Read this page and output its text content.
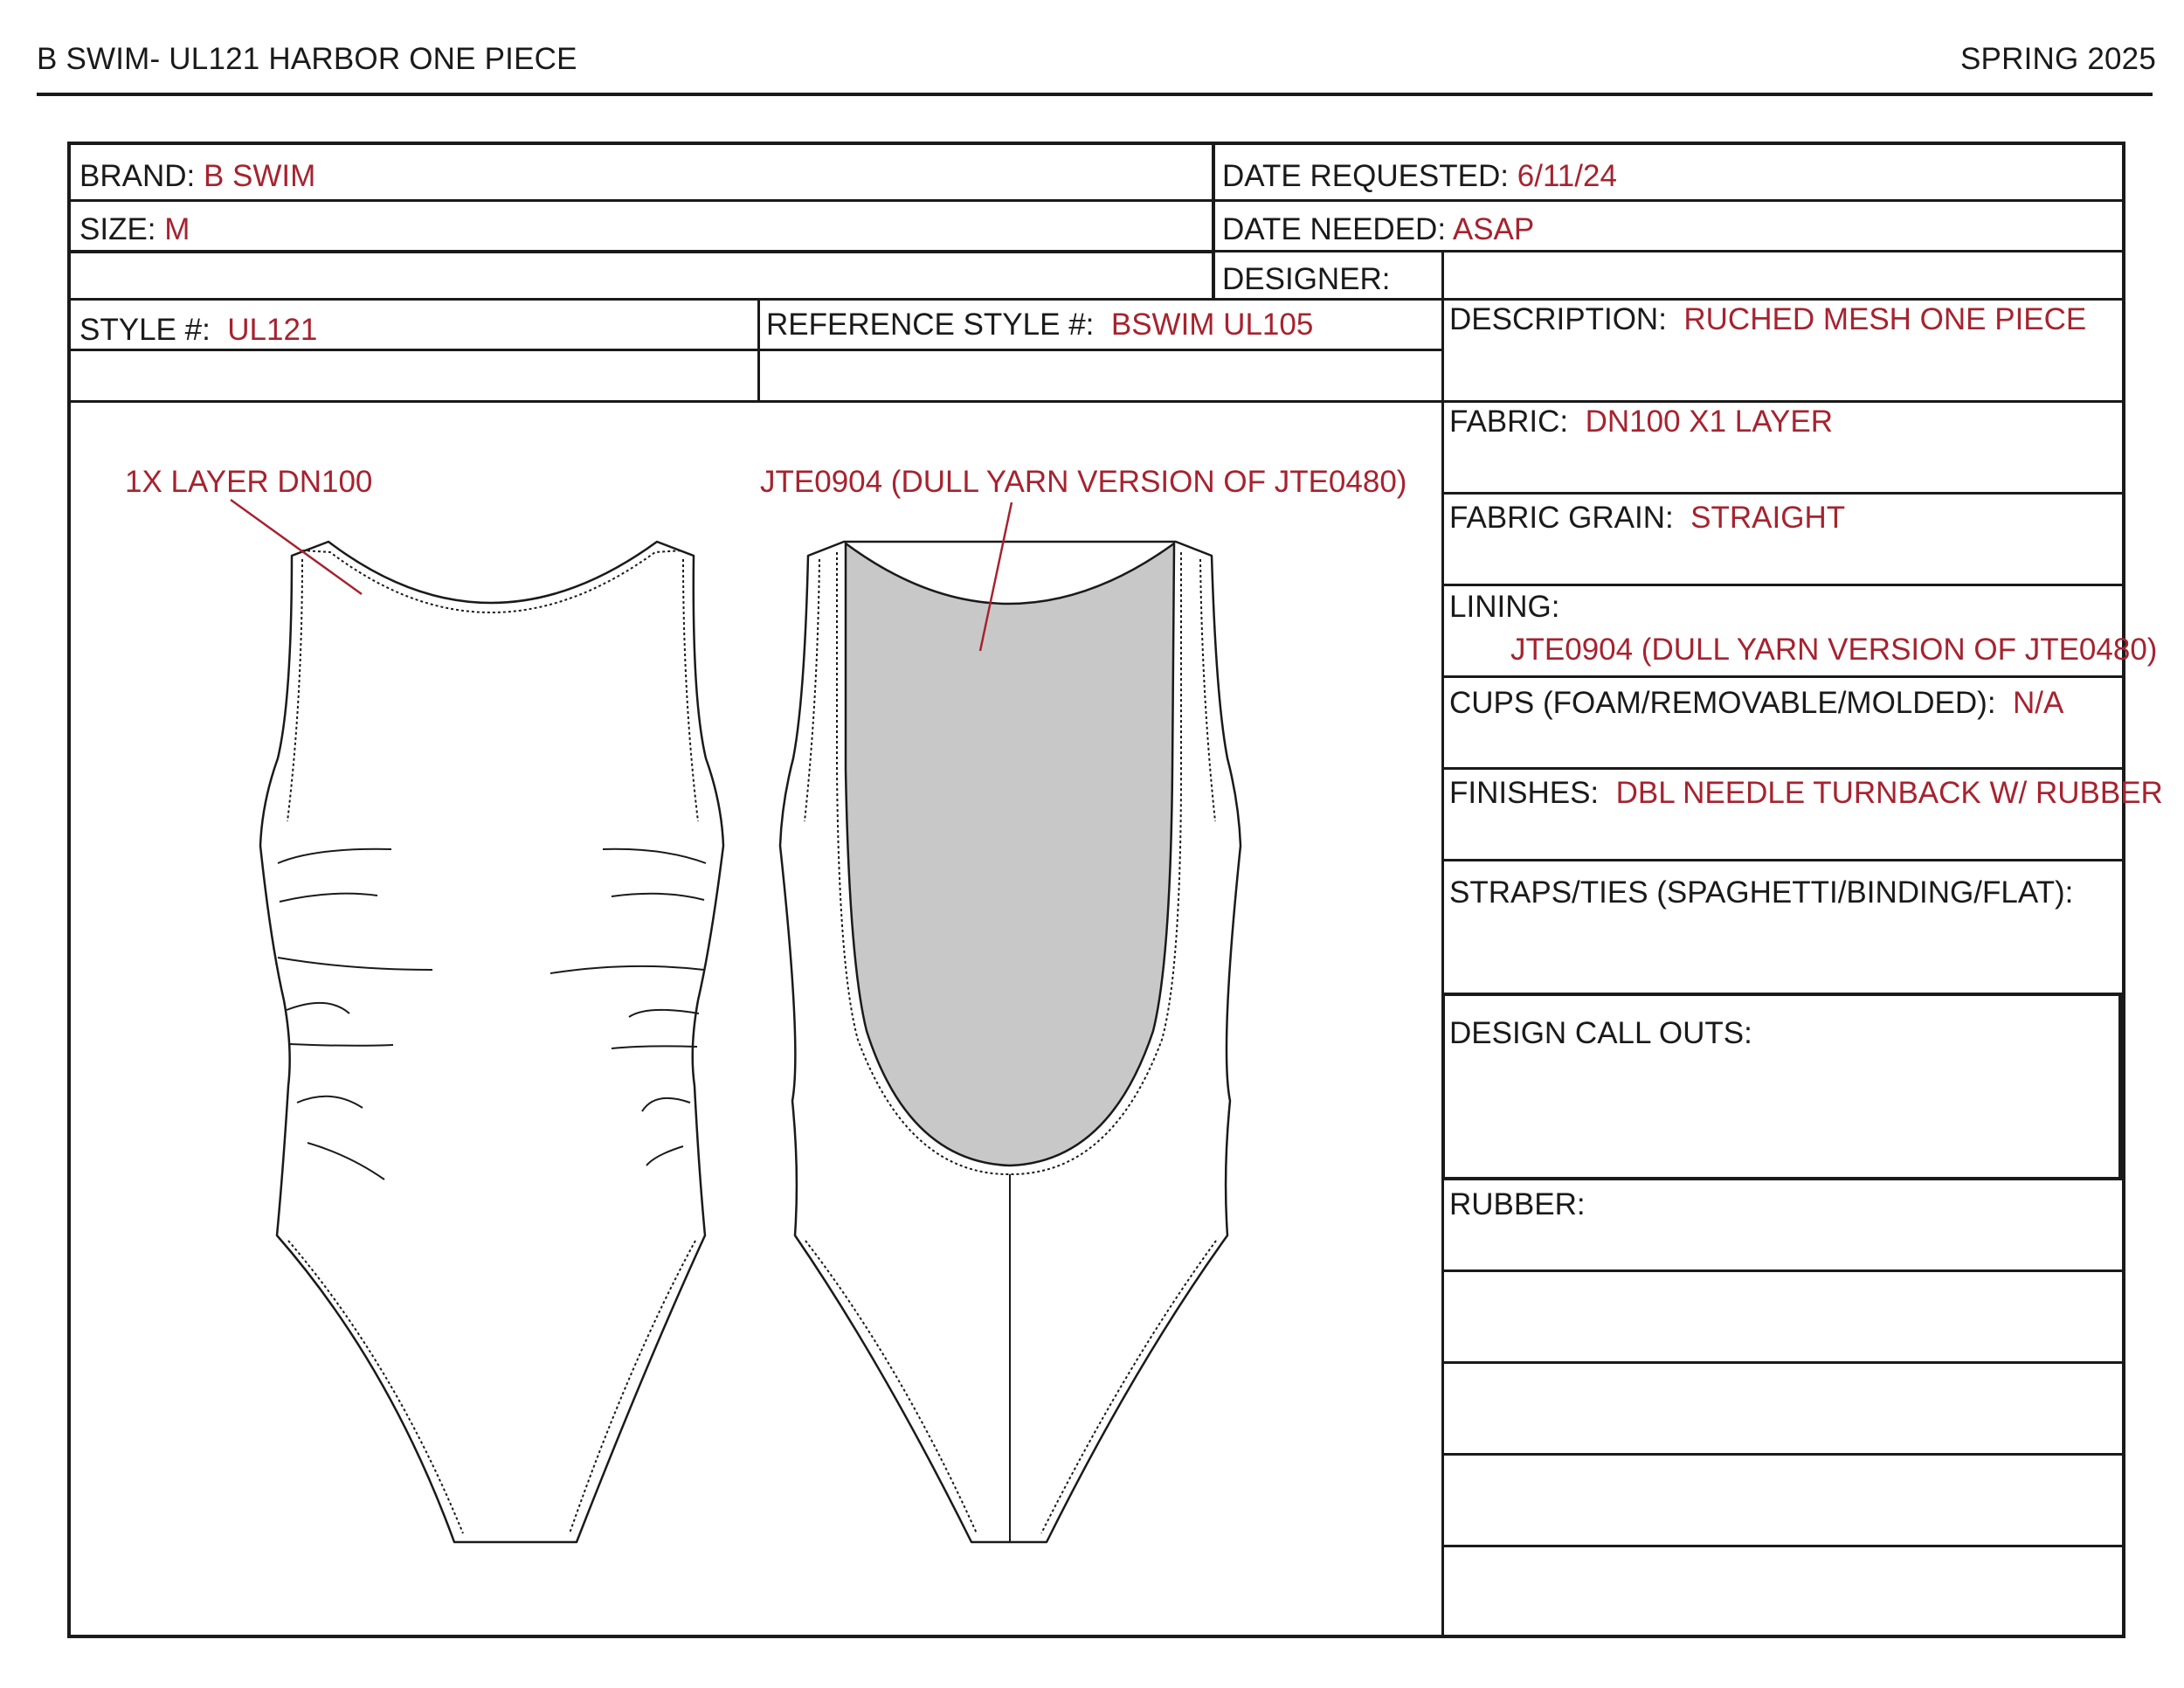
B SWIM- UL121 HARBOR ONE PIECE	SPRING 2025
BRAND: B SWIM
SIZE: M
DATE REQUESTED: 6/11/24
DATE NEEDED: ASAP
DESIGNER:
STYLE #: UL121	REFERENCE STYLE #: BSWIM UL105	DESCRIPTION: RUCHED MESH ONE PIECE
FABRIC: DN100 X1 LAYER
FABRIC GRAIN: STRAIGHT
LINING:
JTE0904 (DULL YARN VERSION OF JTE0480)
CUPS (FOAM/REMOVABLE/MOLDED): N/A
FINISHES: DBL NEEDLE TURNBACK W/ RUBBER
STRAPS/TIES (SPAGHETTI/BINDING/FLAT):
DESIGN CALL OUTS:
RUBBER:
1X LAYER DN100	JTE0904 (DULL YARN VERSION OF JTE0480)
